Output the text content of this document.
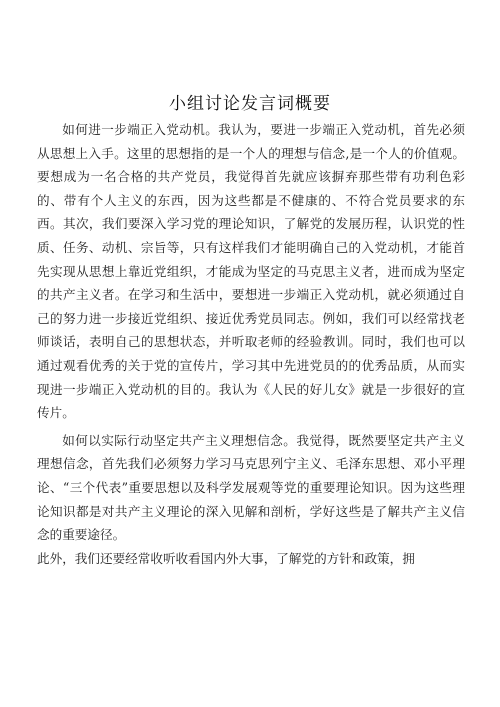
小组讨论发言词概要

如何进一步端正入党动机。我认为，要进一步端正入党动机，首先必须从思想上入手。这里的思想指的是一个人的理想与信念,是一个人的价值观。要想成为一名合格的共产党员，我觉得首先就应该摒弃那些带有功利色彩的、带有个人主义的东西，因为这些都是不健康的、不符合党员要求的东西。其次，我们要深入学习党的理论知识，了解党的发展历程，认识党的性质、任务、动机、宗旨等，只有这样我们才能明确自己的入党动机，才能首先实现从思想上靠近党组织，才能成为坚定的马克思主义者，进而成为坚定的共产主义者。在学习和生活中，要想进一步端正入党动机，就必须通过自己的努力进一步接近党组织、接近优秀党员同志。例如，我们可以经常找老师谈话，表明自己的思想状态，并听取老师的经验教训。同时，我们也可以通过观看优秀的关于党的宣传片，学习其中先进党员的的优秀品质，从而实现进一步端正入党动机的目的。我认为《人民的好儿女》就是一步很好的宣传片。

如何以实际行动坚定共产主义理想信念。我觉得，既然要坚定共产主义理想信念，首先我们必须努力学习马克思列宁主义、毛泽东思想、邓小平理论、“三个代表”重要思想以及科学发展观等党的重要理论知识。因为这些理论知识都是对共产主义理论的深入见解和剖析，学好这些是了解共产主义信念的重要途径。

此外，我们还要经常收听收看国内外大事，了解党的方针和政策，拥
